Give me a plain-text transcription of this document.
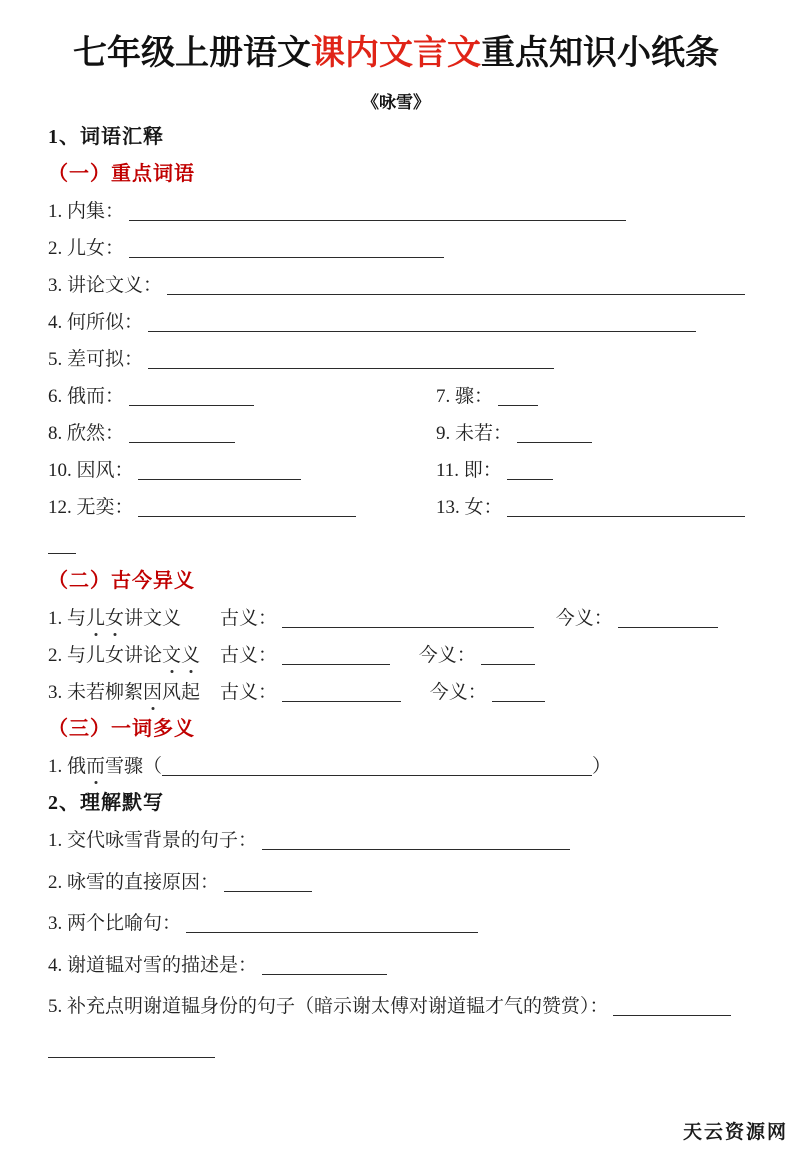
七年级上册语文课内文言文重点知识小纸条
《咏雪》
1、词语汇释
（一）重点词语
1. 内集：
2. 儿女：
3. 讲论文义：
4. 何所似：
5. 差可拟：
6. 俄而：	7. 骤：
8. 欣然：	9. 未若：
10. 因风：	11. 即：
12. 无奕：	13. 女：
（二）古今异义
1. 与儿女讲文义	古义：	今义：
2. 与儿女讲论文义	古义：	今义：
3. 未若柳絮因风起	古义：	今义：
（三）一词多义
1. 俄而雪骤（	）
2、理解默写
1. 交代咏雪背景的句子：
2. 咏雪的直接原因：
3. 两个比喻句：
4. 谢道韫对雪的描述是：
5. 补充点明谢道韫身份的句子（暗示谢太傅对谢道韫才气的赞赏）：
天云资源网
